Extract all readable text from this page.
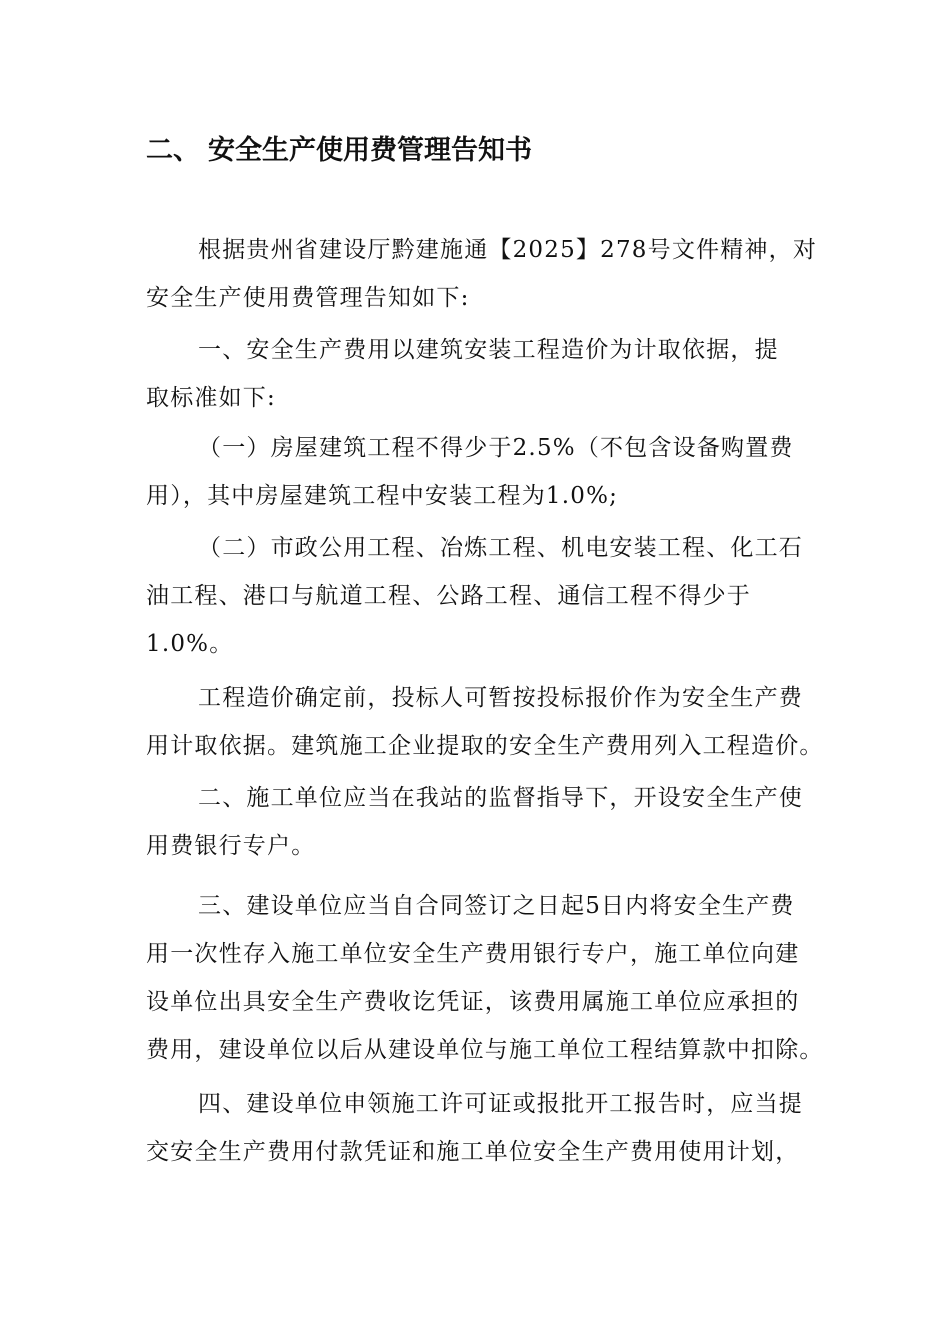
二、 安全生产使用费管理告知书
根据贵州省建设厅黔建施通【2025】278号文件精神，对
安全生产使用费管理告知如下:
一、安全生产费用以建筑安装工程造价为计取依据，提
取标准如下:
（一）房屋建筑工程不得少于2.5%（不包含设备购置费
用），其中房屋建筑工程中安装工程为1.0%;
（二）市政公用工程、冶炼工程、机电安装工程、化工石
油工程、港口与航道工程、公路工程、通信工程不得少于
1.0%。
工程造价确定前，投标人可暂按投标报价作为安全生产费
用计取依据。建筑施工企业提取的安全生产费用列入工程造价。
二、施工单位应当在我站的监督指导下，开设安全生产使
用费银行专户。
三、建设单位应当自合同签订之日起5日内将安全生产费
用一次性存入施工单位安全生产费用银行专户，施工单位向建
设单位出具安全生产费收讫凭证，该费用属施工单位应承担的
费用，建设单位以后从建设单位与施工单位工程结算款中扣除。
四、建设单位申领施工许可证或报批开工报告时，应当提
交安全生产费用付款凭证和施工单位安全生产费用使用计划，
